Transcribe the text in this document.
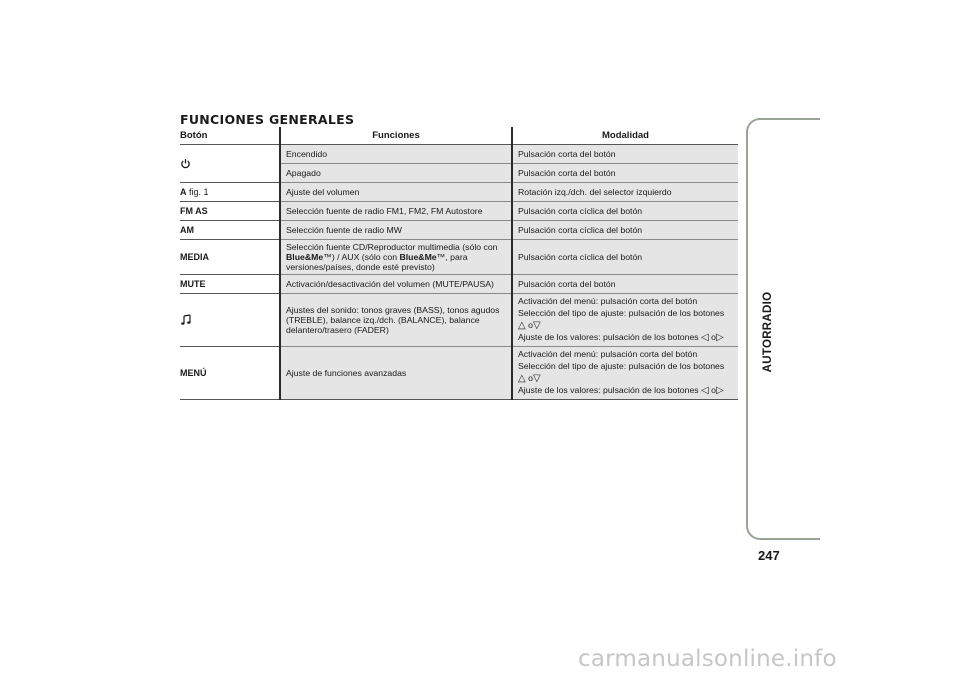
FUNCIONES GENERALES
Botón	Funciones	Modalidad
	Encendido	Pulsación corta del botón
	Apagado	Pulsación corta del botón
A fig. 1	Ajuste del volumen	Rotación izq./dch. del selector izquierdo
FM AS	Selección fuente de radio FM1, FM2, FM Autostore	Pulsación corta cíclica del botón
AM	Selección fuente de radio MW	Pulsación corta cíclica del botón
MEDIA	Selección fuente CD/Reproductor multimedia (sólo con Blue&Me™) / AUX (sólo con Blue&Me™, para versiones/países, donde esté previsto)	Pulsación corta cíclica del botón
MUTE	Activación/desactivación del volumen (MUTE/PAUSA)	Pulsación corta del botón
	Ajustes del sonido: tonos graves (BASS), tonos agudos (TREBLE), balance izq./dch. (BALANCE), balance delantero/trasero (FADER)	Activación del menú: pulsación corta del botón
Selección del tipo de ajuste: pulsación de los botones
△ o▽
Ajuste de los valores: pulsación de los botones ◁ o▷

MENÚ	Ajuste de funciones avanzadas	Activación del menú: pulsación corta del botón
Selección del tipo de ajuste: pulsación de los botones
△ o▽
Ajuste de los valores: pulsación de los botones ◁ o▷
AUTORRADIO
247
carmanualsonline.info
